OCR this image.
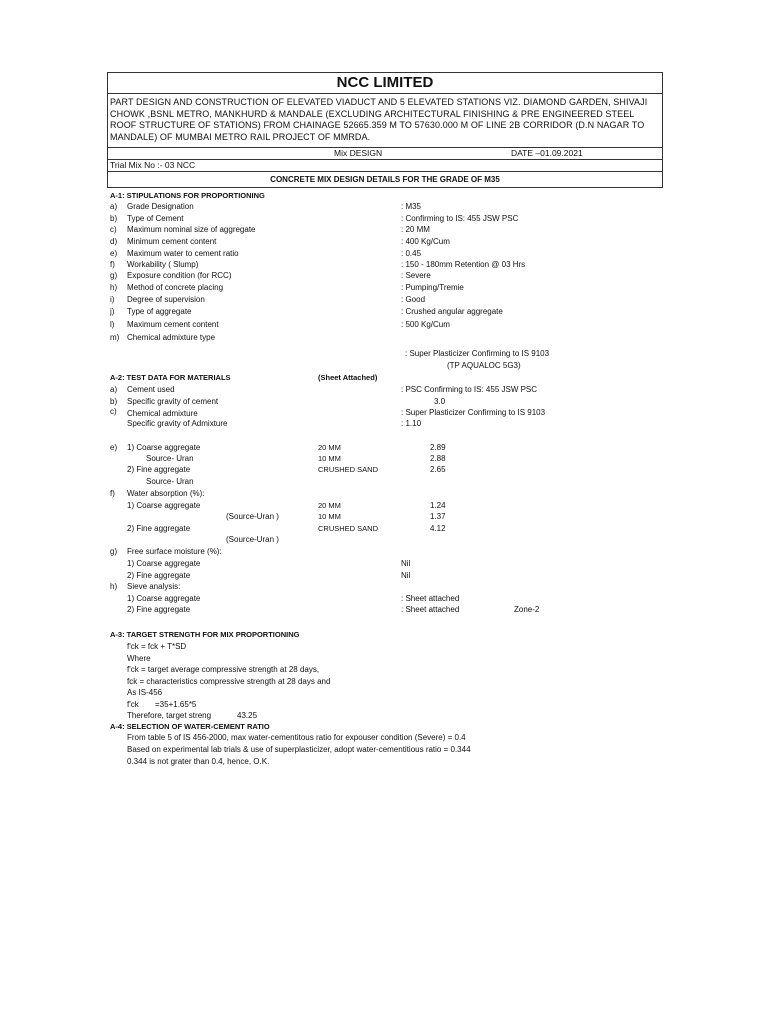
NCC LIMITED
PART DESIGN AND CONSTRUCTION OF ELEVATED VIADUCT AND 5 ELEVATED STATIONS VIZ. DIAMOND GARDEN, SHIVAJI CHOWK ,BSNL METRO, MANKHURD & MANDALE (EXCLUDING ARCHITECTURAL FINISHING & PRE ENGINEERED STEEL ROOF STRUCTURE OF STATIONS) FROM CHAINAGE 52665.359 M TO 57630.000 M OF LINE 2B CORRIDOR (D.N NAGAR TO MANDALE) OF MUMBAI METRO RAIL PROJECT OF MMRDA.
Mix DESIGN	DATE –01.09.2021
Trial Mix No :- 03 NCC
CONCRETE MIX DESIGN DETAILS FOR THE GRADE OF M35
A-1: STIPULATIONS FOR PROPORTIONING
a) Grade Designation	: M35
b) Type of Cement	: Confirming to IS: 455 JSW PSC
c) Maximum nominal size of aggregate	: 20 MM
d) Minimum cement content	: 400 Kg/Cum
e) Maximum water to cement ratio	: 0.45
f) Workability ( Slump)	: 150 - 180mm Retention @ 03 Hrs
g) Exposure condition (for RCC)	: Severe
h) Method of concrete placing	: Pumping/Tremie
i) Degree of supervision	: Good
j) Type of aggregate	: Crushed angular aggregate
l) Maximum cement content	: 500 Kg/Cum
m) Chemical admixture type
: Super Plasticizer Confirming to IS 9103
(TP AQUALOC 5G3)
A-2: TEST DATA FOR MATERIALS	(Sheet Attached)
a) Cement used	: PSC Confirming to IS: 455 JSW PSC
b) Specific gravity of cement	3.0
c) Chemical admixture	: Super Plasticizer Confirming to IS 9103
Specific gravity of Admixture	: 1.10
e) 1) Coarse aggregate	20 MM	2.89
Source- Uran	10 MM	2.88
2) Fine aggregate	CRUSHED SAND	2.65
Source- Uran
f) Water absorption (%):
1) Coarse aggregate	20 MM	1.24
(Source-Uran )	10 MM	1.37
2) Fine aggregate	CRUSHED SAND	4.12
(Source-Uran )
g) Free surface moisture (%):
1) Coarse aggregate	Nil
2) Fine aggregate	Nil
h) Sieve analysis:
1) Coarse aggregate	: Sheet attached
2) Fine aggregate	: Sheet attached	Zone-2
A-3: TARGET STRENGTH FOR MIX PROPORTIONING
f'ck = fck + T*SD
Where
f'ck = target average compressive strength at 28 days,
fck = characteristics compressive strength at 28 days and
As IS-456
f'ck =35+1.65*5
Therefore, target streng	43.25
A-4: SELECTION OF WATER-CEMENT RATIO
From table 5 of IS 456-2000, max water-cementitous ratio for expouser condition (Severe) = 0.4
Based on experimental lab trials & use of superplasticizer, adopt water-cementitious ratio = 0.344
0.344 is not grater than 0.4, hence, O.K.
